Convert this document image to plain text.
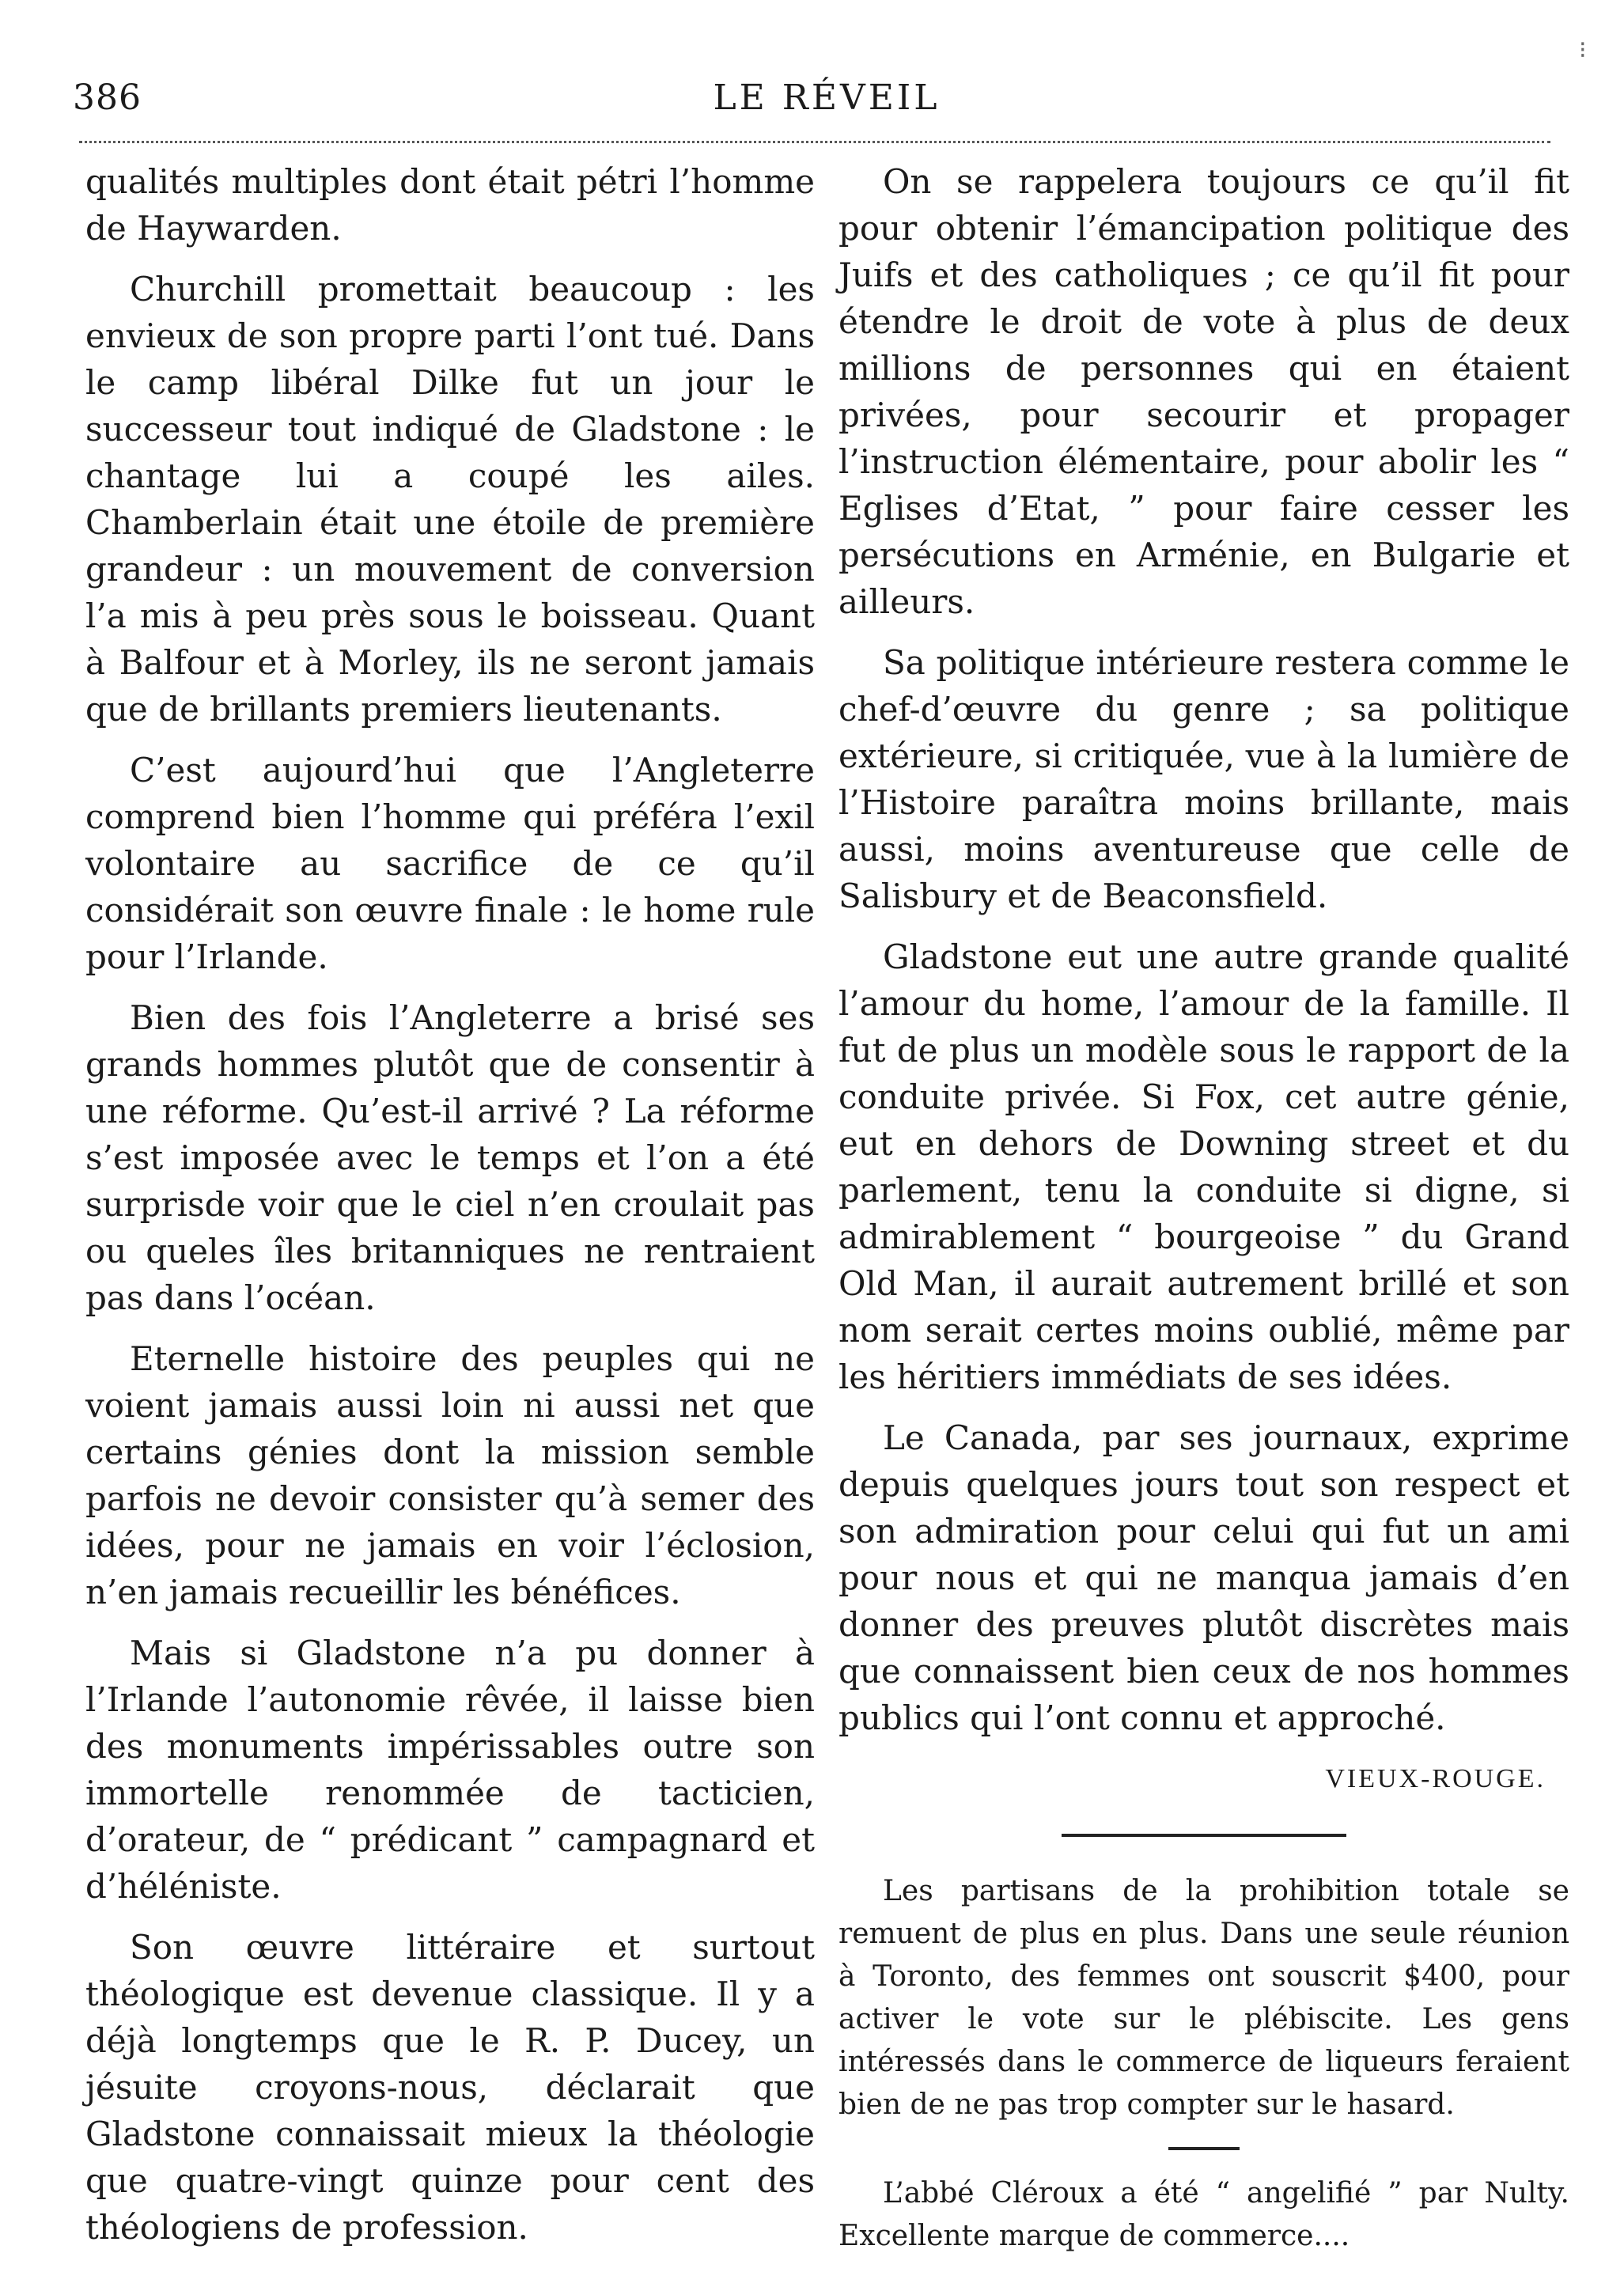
⁝
386	LE RÉVEIL

qualités multiples dont était pétri l’homme de Haywarden.

Churchill promettait beaucoup : les envieux de son propre parti l’ont tué. Dans le camp libéral Dilke fut un jour le successeur tout indiqué de Gladstone : le chantage lui a coupé les ailes. Chamberlain était une étoile de première grandeur : un mouvement de conversion l’a mis à peu près sous le boisseau. Quant à Balfour et à Morley, ils ne seront jamais que de brillants premiers lieutenants.

C’est aujourd’hui que l’Angleterre comprend bien l’homme qui préféra l’exil volontaire au sacrifice de ce qu’il considérait son œuvre finale : le home rule pour l’Irlande.

Bien des fois l’Angleterre a brisé ses grands hommes plutôt que de consentir à une réforme. Qu’est-il arrivé ? La réforme s’est imposée avec le temps et l’on a été surprisde voir que le ciel n’en croulait pas ou queles îles britanniques ne rentraient pas dans l’océan.

Eternelle histoire des peuples qui ne voient jamais aussi loin ni aussi net que certains génies dont la mission semble parfois ne devoir consister qu’à semer des idées, pour ne jamais en voir l’éclosion, n’en jamais recueillir les bénéfices.

Mais si Gladstone n’a pu donner à l’Irlande l’autonomie rêvée, il laisse bien des monuments impérissables outre son immortelle renommée de tacticien, d’orateur, de “ prédicant ” campagnard et d’héléniste.

Son œuvre littéraire et surtout théologique est devenue classique. Il y a déjà longtemps que le R. P. Ducey, un jésuite croyons-nous, déclarait que Gladstone connaissait mieux la théologie que quatre-vingt quinze pour cent des théologiens de profession.

On se rappelera toujours ce qu’il fit pour obtenir l’émancipation politique des Juifs et des catholiques ; ce qu’il fit pour étendre le droit de vote à plus de deux millions de personnes qui en étaient privées, pour secourir et propager l’instruction élémentaire, pour abolir les “ Eglises d’Etat, ” pour faire cesser les persécutions en Arménie, en Bulgarie et ailleurs.

Sa politique intérieure restera comme le chef-d’œuvre du genre ; sa politique extérieure, si critiquée, vue à la lumière de l’Histoire paraîtra moins brillante, mais aussi, moins aventureuse que celle de Salisbury et de Beaconsfield.

Gladstone eut une autre grande qualité l’amour du home, l’amour de la famille. Il fut de plus un modèle sous le rapport de la conduite privée. Si Fox, cet autre génie, eut en dehors de Downing street et du parlement, tenu la conduite si digne, si admirablement “ bourgeoise ” du Grand Old Man, il aurait autrement brillé et son nom serait certes moins oublié, même par les héritiers immédiats de ses idées.

Le Canada, par ses journaux, exprime depuis quelques jours tout son respect et son admiration pour celui qui fut un ami pour nous et qui ne manqua jamais d’en donner des preuves plutôt discrètes mais que connaissent bien ceux de nos hommes publics qui l’ont connu et approché.

VIEUX-ROUGE.

Les partisans de la prohibition totale se remuent de plus en plus. Dans une seule réunion à Toronto, des femmes ont souscrit $400, pour activer le vote sur le plébiscite. Les gens intéressés dans le commerce de liqueurs feraient bien de ne pas trop compter sur le hasard.

L’abbé Cléroux a été “ angelifié ” par Nulty. Excellente marque de commerce....
